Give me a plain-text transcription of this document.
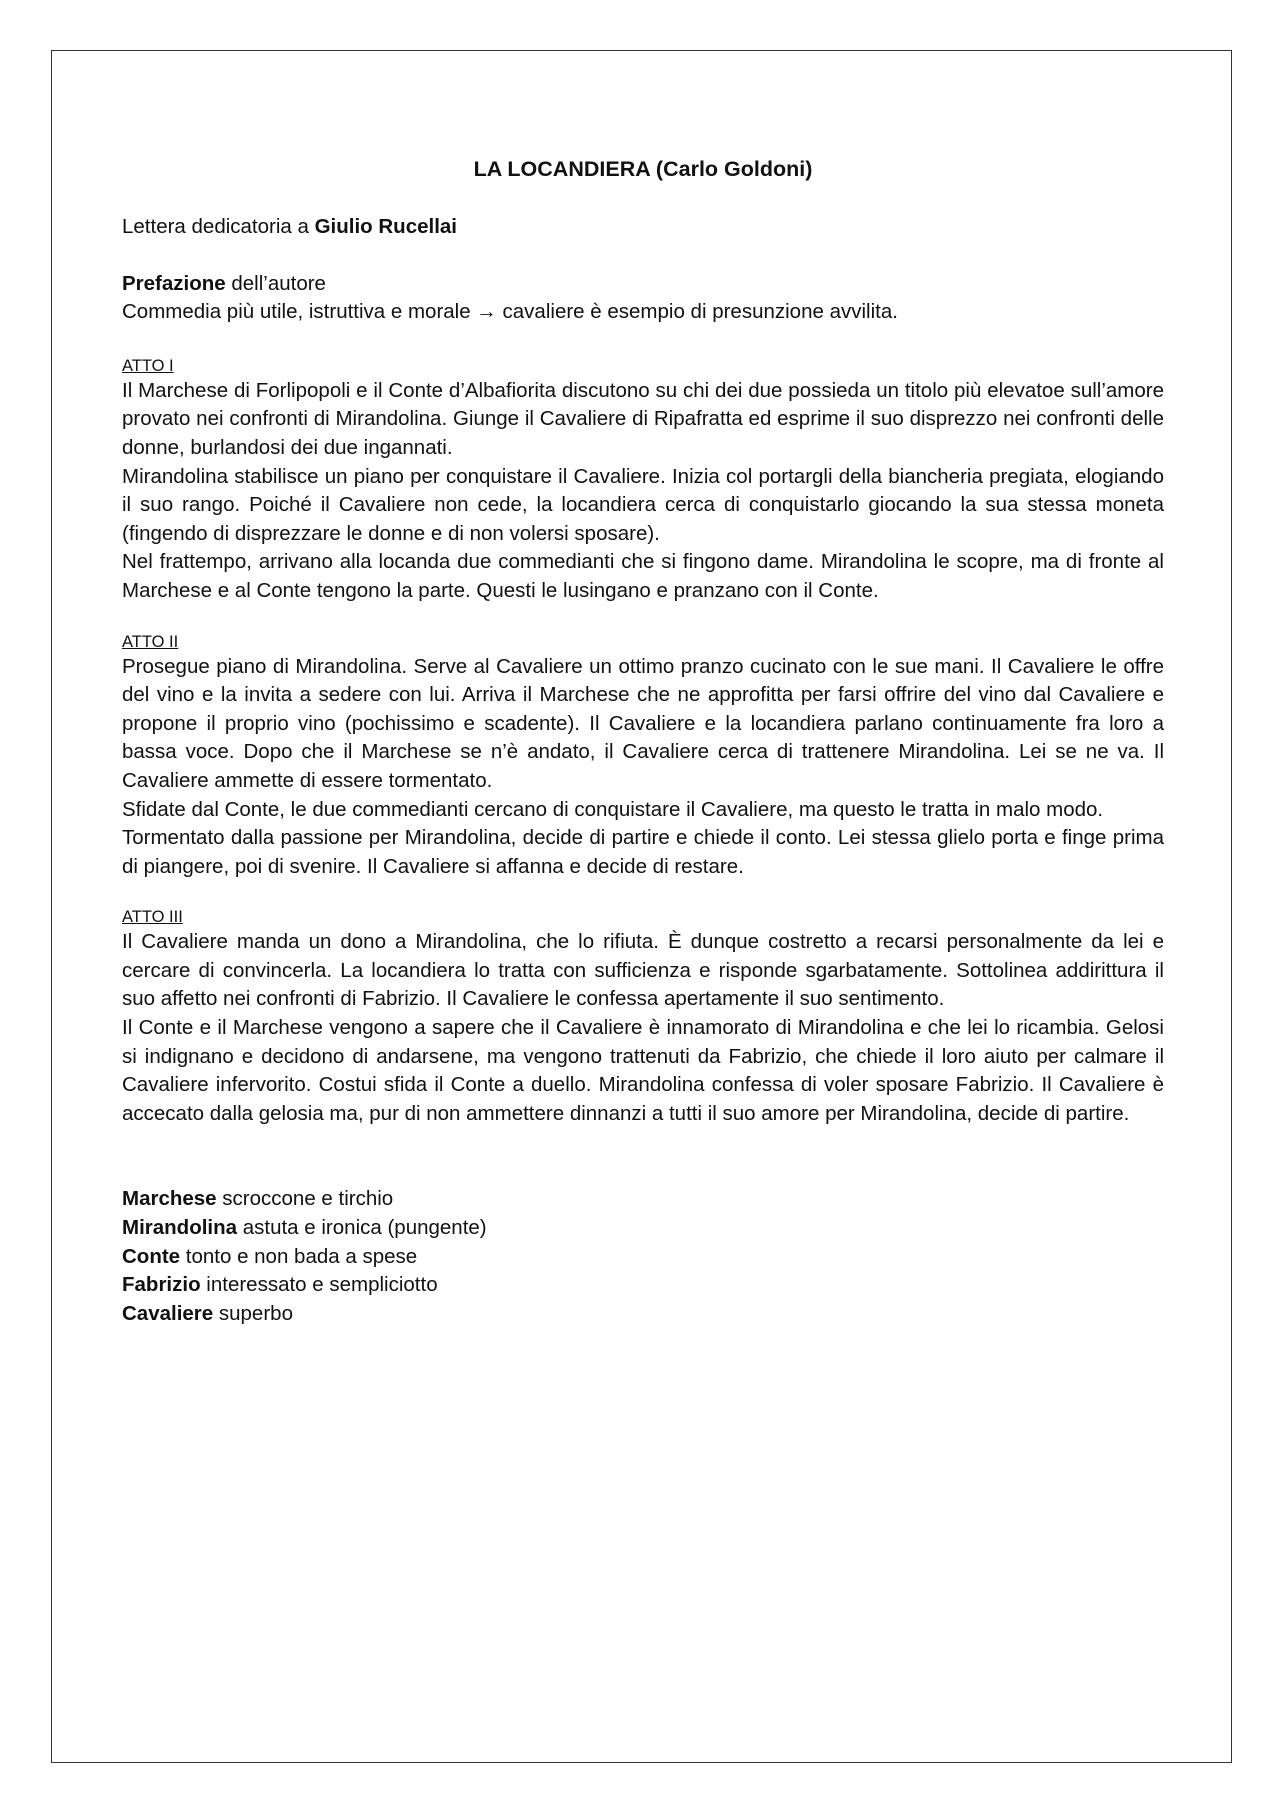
LA LOCANDIERA (Carlo Goldoni)

Lettera dedicatoria a Giulio Rucellai

Prefazione dell’autore

Commedia più utile, istruttiva e morale → cavaliere è esempio di presunzione avvilita.

ATTO I

Il Marchese di Forlipopoli e il Conte d’Albafiorita discutono su chi dei due possieda un titolo più elevatoe sull’amore provato nei confronti di Mirandolina. Giunge il Cavaliere di Ripafratta ed esprime il suo disprezzo nei confronti delle donne, burlandosi dei due ingannati.

Mirandolina stabilisce un piano per conquistare il Cavaliere. Inizia col portargli della biancheria pregiata, elogiando il suo rango. Poiché il Cavaliere non cede, la locandiera cerca di conquistarlo giocando la sua stessa moneta (fingendo di disprezzare le donne e di non volersi sposare).

Nel frattempo, arrivano alla locanda due commedianti che si fingono dame. Mirandolina le scopre, ma di fronte al Marchese e al Conte tengono la parte. Questi le lusingano e pranzano con il Conte.

ATTO II

Prosegue piano di Mirandolina. Serve al Cavaliere un ottimo pranzo cucinato con le sue mani. Il Cavaliere le offre del vino e la invita a sedere con lui. Arriva il Marchese che ne approfitta per farsi offrire del vino dal Cavaliere e propone il proprio vino (pochissimo e scadente). Il Cavaliere e la locandiera parlano continuamente fra loro a bassa voce. Dopo che il Marchese se n’è andato, il Cavaliere cerca di trattenere Mirandolina. Lei se ne va. Il Cavaliere ammette di essere tormentato.

Sfidate dal Conte, le due commedianti cercano di conquistare il Cavaliere, ma questo le tratta in malo modo.

Tormentato dalla passione per Mirandolina, decide di partire e chiede il conto. Lei stessa glielo porta e finge prima di piangere, poi di svenire. Il Cavaliere si affanna e decide di restare.

ATTO III

Il Cavaliere manda un dono a Mirandolina, che lo rifiuta. È dunque costretto a recarsi personalmente da lei e cercare di convincerla. La locandiera lo tratta con sufficienza e risponde sgarbatamente. Sottolinea addirittura il suo affetto nei confronti di Fabrizio. Il Cavaliere le confessa apertamente il suo sentimento.

Il Conte e il Marchese vengono a sapere che il Cavaliere è innamorato di Mirandolina e che lei lo ricambia. Gelosi si indignano e decidono di andarsene, ma vengono trattenuti da Fabrizio, che chiede il loro aiuto per calmare il Cavaliere infervorito. Costui sfida il Conte a duello. Mirandolina confessa di voler sposare Fabrizio. Il Cavaliere è accecato dalla gelosia ma, pur di non ammettere dinnanzi a tutti il suo amore per Mirandolina, decide di partire.

Marchese scroccone e tirchio

Mirandolina astuta e ironica (pungente)

Conte tonto e non bada a spese

Fabrizio interessato e sempliciotto

Cavaliere superbo
